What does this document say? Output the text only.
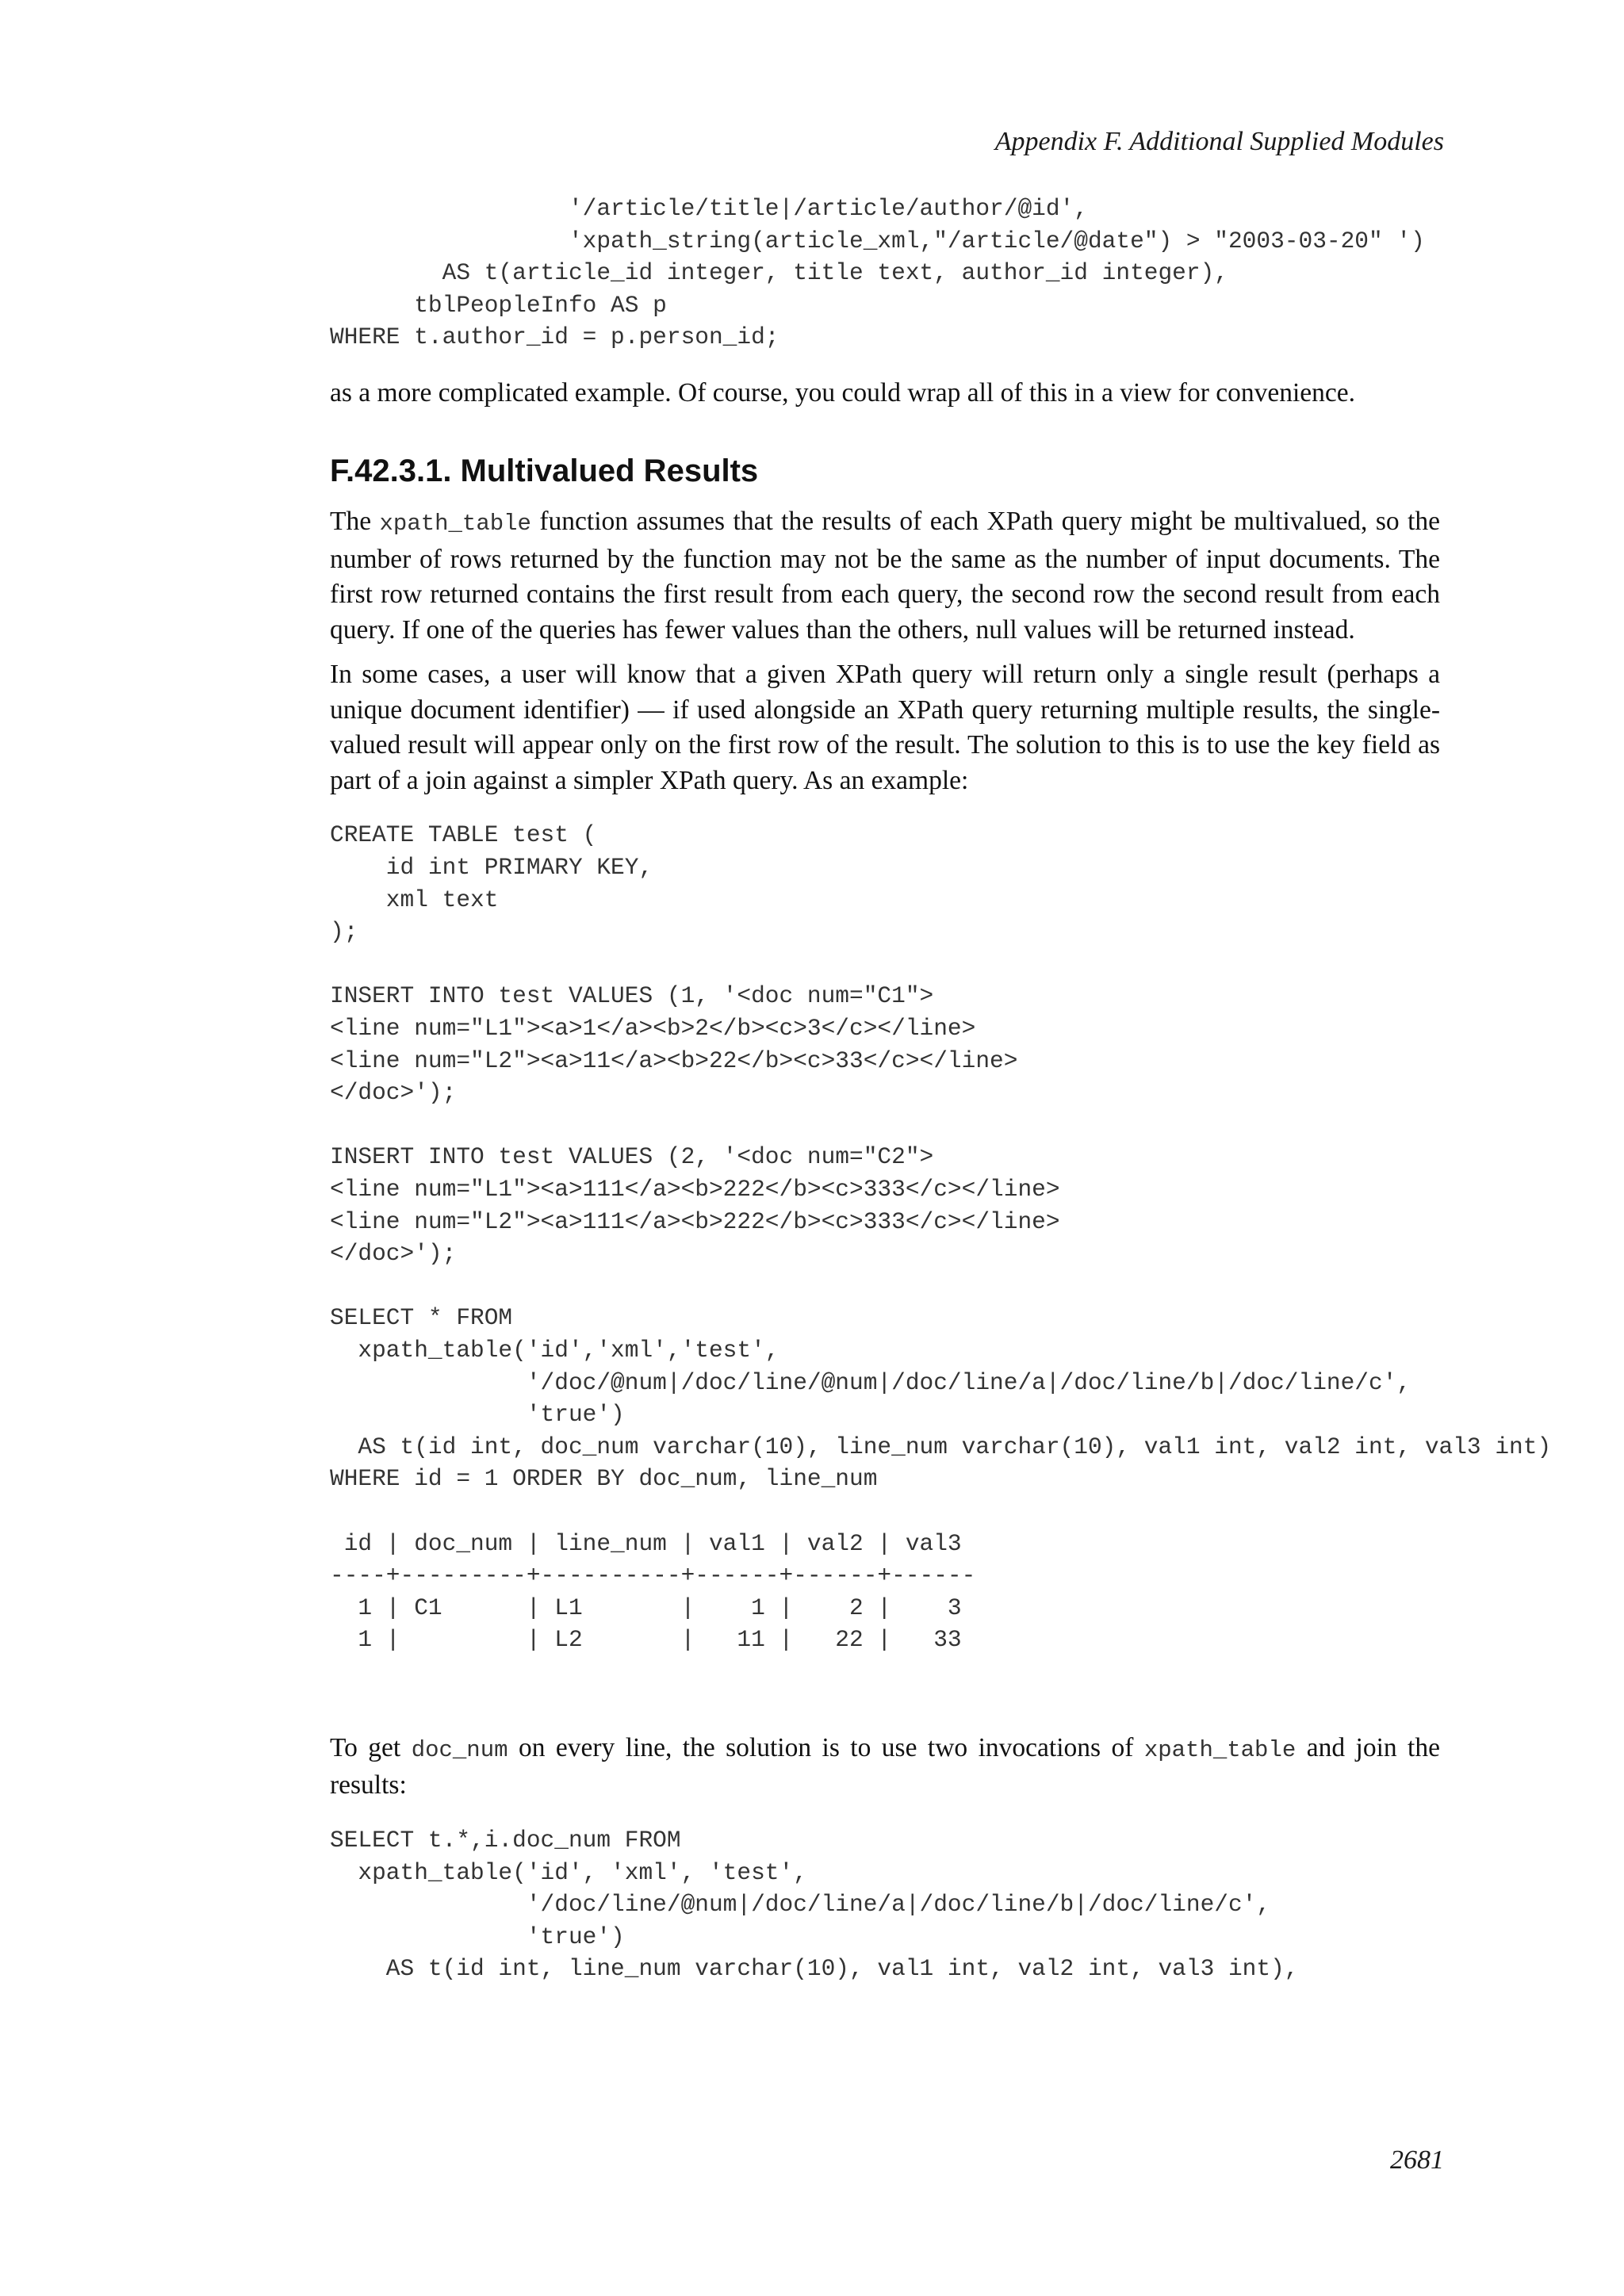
Appendix F. Additional Supplied Modules

'/article/title|/article/author/@id',
'xpath_string(article_xml,"/article/@date") > "2003-03-20" ')
AS t(article_id integer, title text, author_id integer),
tblPeopleInfo AS p
WHERE t.author_id = p.person_id;

as a more complicated example. Of course, you could wrap all of this in a view for convenience.

F.42.3.1. Multivalued Results

The xpath_table function assumes that the results of each XPath query might be multivalued, so the number of rows returned by the function may not be the same as the number of input documents. The first row returned contains the first result from each query, the second row the second result from each query. If one of the queries has fewer values than the others, null values will be returned instead.

In some cases, a user will know that a given XPath query will return only a single result (perhaps a unique document identifier) — if used alongside an XPath query returning multiple results, the single-valued result will appear only on the first row of the result. The solution to this is to use the key field as part of a join against a simpler XPath query. As an example:

CREATE TABLE test (
id int PRIMARY KEY,
xml text
);

INSERT INTO test VALUES (1, '<doc num="C1">
<line num="L1"><a>1</a><b>2</b><c>3</c></line>
<line num="L2"><a>11</a><b>22</b><c>33</c></line>
</doc>');

INSERT INTO test VALUES (2, '<doc num="C2">
<line num="L1"><a>111</a><b>222</b><c>333</c></line>
<line num="L2"><a>111</a><b>222</b><c>333</c></line>
</doc>');

SELECT * FROM
xpath_table('id','xml','test',
'/doc/@num|/doc/line/@num|/doc/line/a|/doc/line/b|/doc/line/c',
'true')
AS t(id int, doc_num varchar(10), line_num varchar(10), val1 int, val2 int, val3 int)
WHERE id = 1 ORDER BY doc_num, line_num

id | doc_num | line_num | val1 | val2 | val3
----+---------+----------+------+------+------
1 | C1      | L1       |    1 |    2 |    3
1 |         | L2       |   11 |   22 |   33

To get doc_num on every line, the solution is to use two invocations of xpath_table and join the results:

SELECT t.*,i.doc_num FROM
xpath_table('id', 'xml', 'test',
'/doc/line/@num|/doc/line/a|/doc/line/b|/doc/line/c',
'true')
AS t(id int, line_num varchar(10), val1 int, val2 int, val3 int),

2681
